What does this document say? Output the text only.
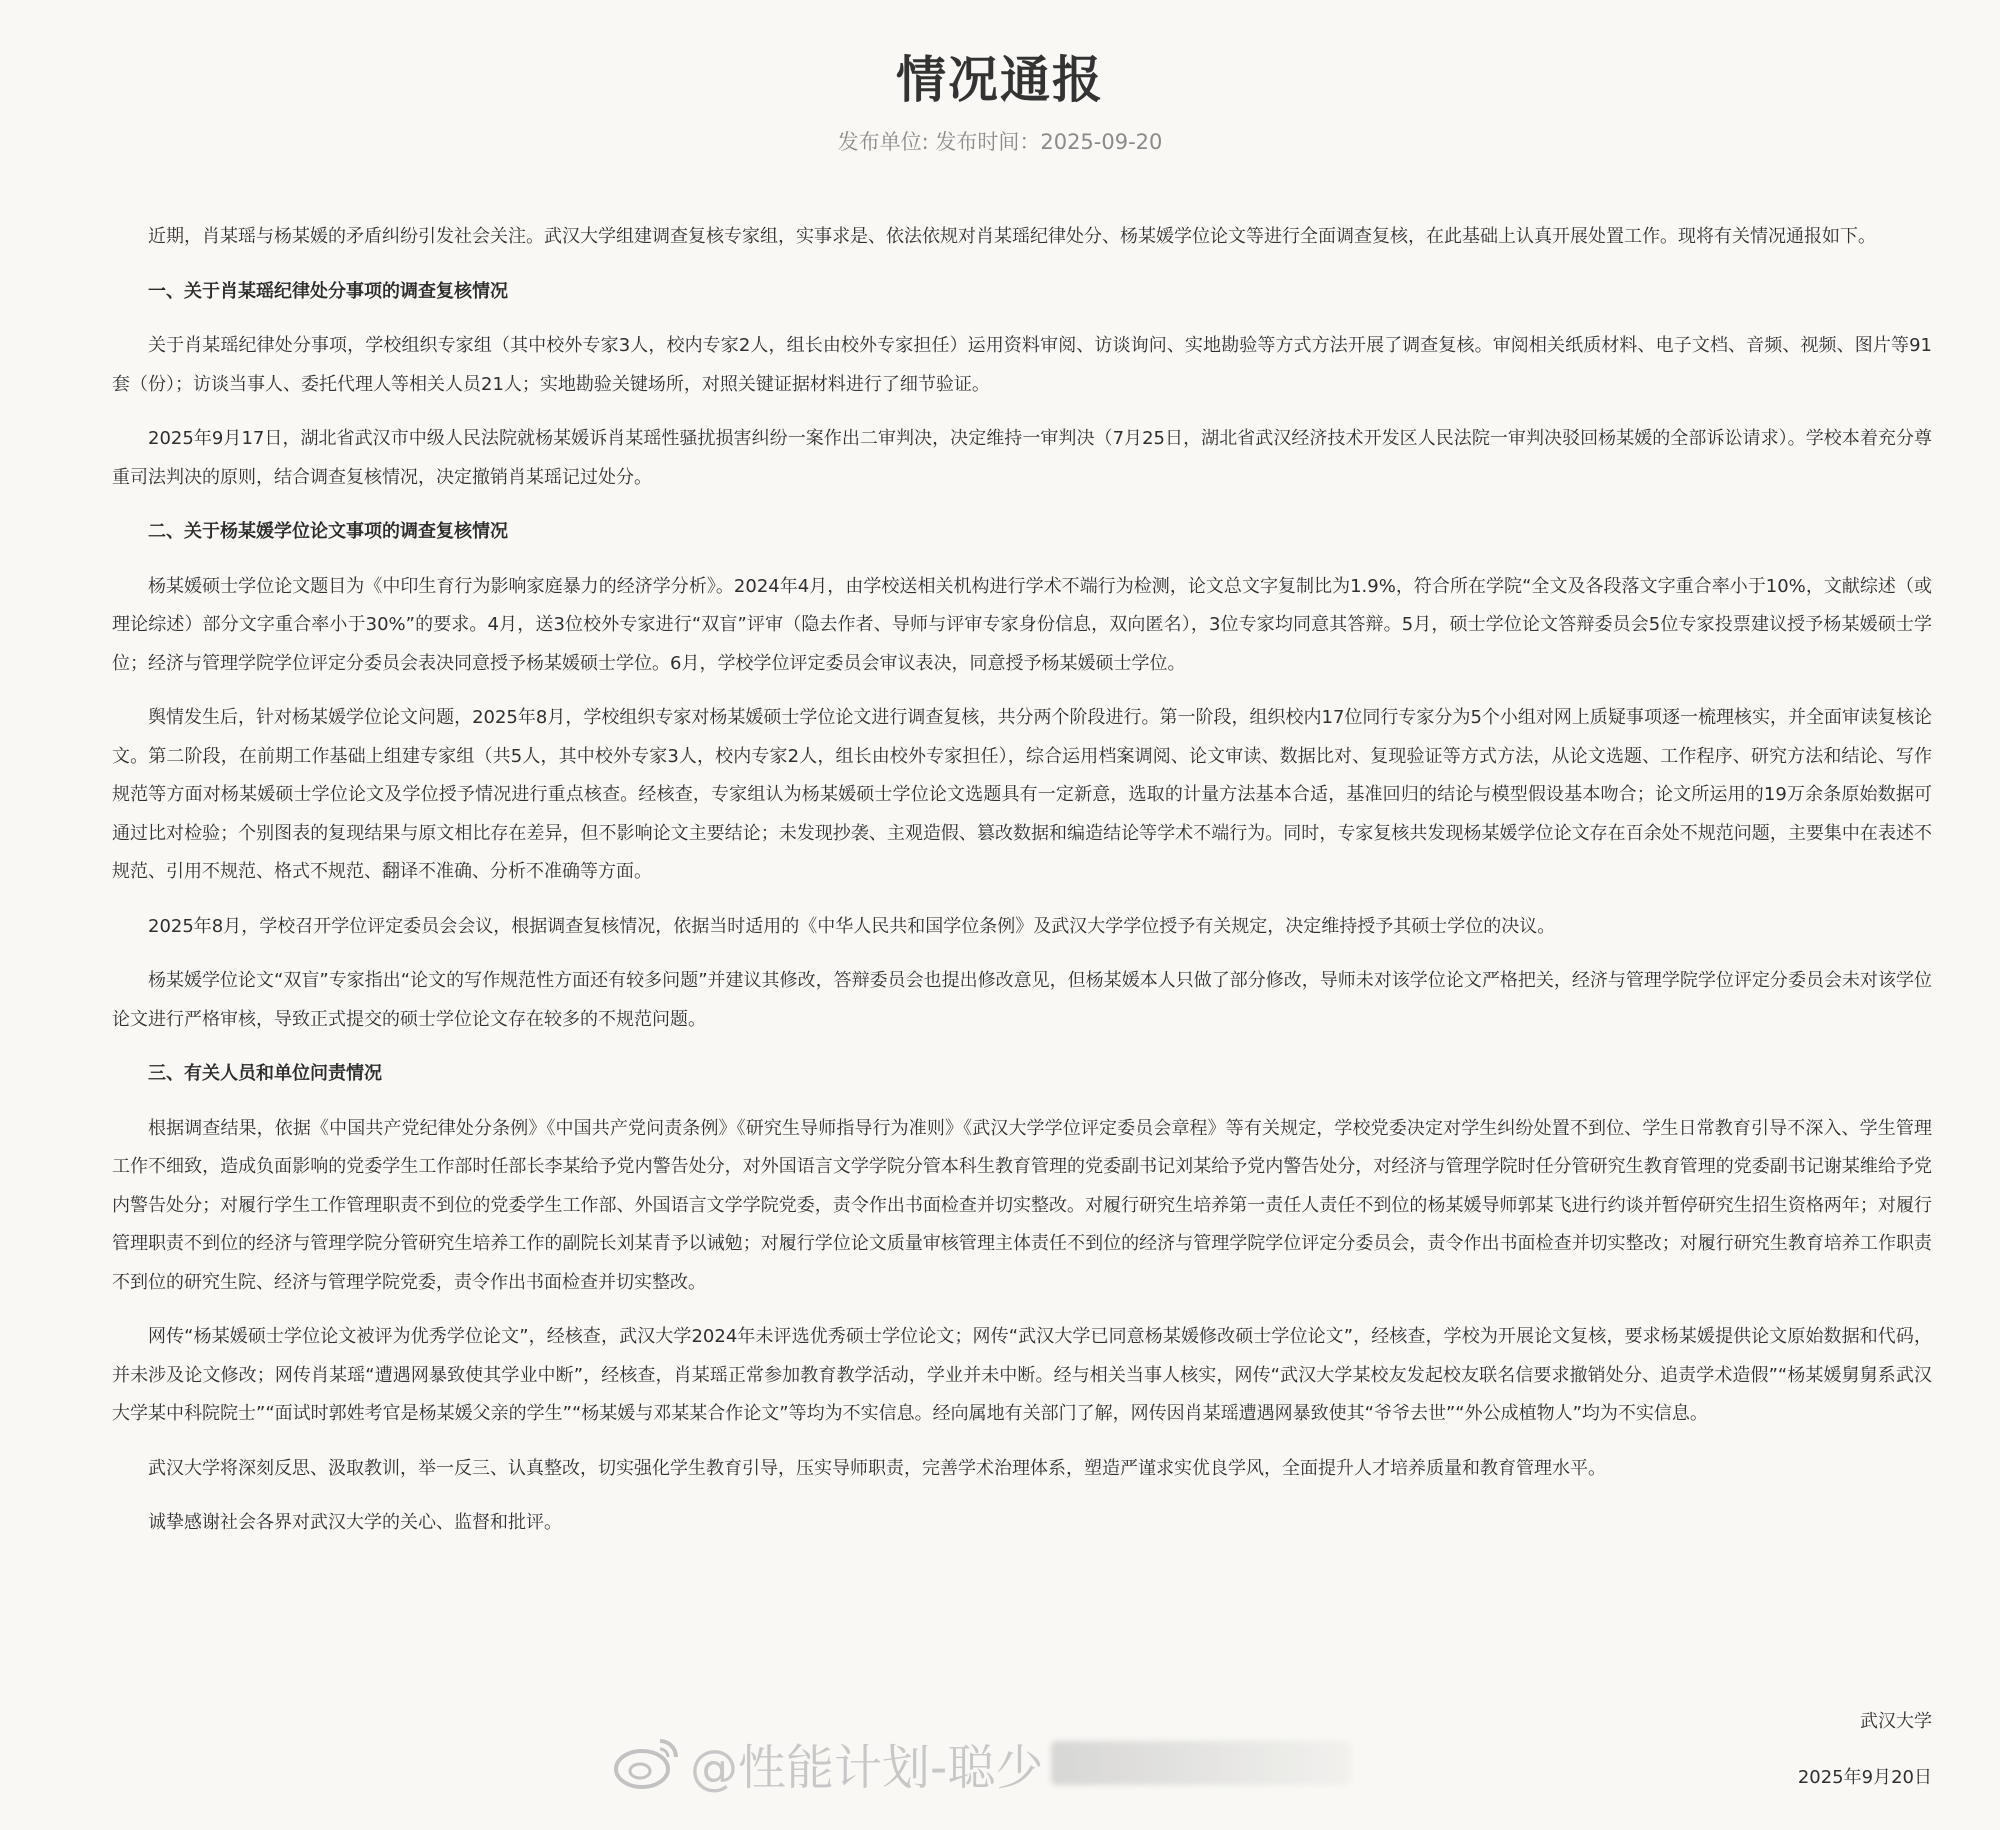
情况通报
发布单位: 发布时间：2025-09-20

近期，肖某瑶与杨某媛的矛盾纠纷引发社会关注。武汉大学组建调查复核专家组，实事求是、依法依规对肖某瑶纪律处分、杨某媛学位论文等进行全面调查复核，在此基础上认真开展处置工作。现将有关情况通报如下。

一、关于肖某瑶纪律处分事项的调查复核情况

关于肖某瑶纪律处分事项，学校组织专家组（其中校外专家3人，校内专家2人，组长由校外专家担任）运用资料审阅、访谈询问、实地勘验等方式方法开展了调查复核。审阅相关纸质材料、电子文档、音频、视频、图片等91套（份）；访谈当事人、委托代理人等相关人员21人；实地勘验关键场所，对照关键证据材料进行了细节验证。

2025年9月17日，湖北省武汉市中级人民法院就杨某媛诉肖某瑶性骚扰损害纠纷一案作出二审判决，决定维持一审判决（7月25日，湖北省武汉经济技术开发区人民法院一审判决驳回杨某媛的全部诉讼请求）。学校本着充分尊重司法判决的原则，结合调查复核情况，决定撤销肖某瑶记过处分。

二、关于杨某媛学位论文事项的调查复核情况

杨某媛硕士学位论文题目为《中印生育行为影响家庭暴力的经济学分析》。2024年4月，由学校送相关机构进行学术不端行为检测，论文总文字复制比为1.9%，符合所在学院“全文及各段落文字重合率小于10%，文献综述（或理论综述）部分文字重合率小于30%”的要求。4月，送3位校外专家进行“双盲”评审（隐去作者、导师与评审专家身份信息，双向匿名），3位专家均同意其答辩。5月，硕士学位论文答辩委员会5位专家投票建议授予杨某媛硕士学位；经济与管理学院学位评定分委员会表决同意授予杨某媛硕士学位。6月，学校学位评定委员会审议表决，同意授予杨某媛硕士学位。

舆情发生后，针对杨某媛学位论文问题，2025年8月，学校组织专家对杨某媛硕士学位论文进行调查复核，共分两个阶段进行。第一阶段，组织校内17位同行专家分为5个小组对网上质疑事项逐一梳理核实，并全面审读复核论文。第二阶段，在前期工作基础上组建专家组（共5人，其中校外专家3人，校内专家2人，组长由校外专家担任），综合运用档案调阅、论文审读、数据比对、复现验证等方式方法，从论文选题、工作程序、研究方法和结论、写作规范等方面对杨某媛硕士学位论文及学位授予情况进行重点核查。经核查，专家组认为杨某媛硕士学位论文选题具有一定新意，选取的计量方法基本合适，基准回归的结论与模型假设基本吻合；论文所运用的19万余条原始数据可通过比对检验；个别图表的复现结果与原文相比存在差异，但不影响论文主要结论；未发现抄袭、主观造假、篡改数据和编造结论等学术不端行为。同时，专家复核共发现杨某媛学位论文存在百余处不规范问题，主要集中在表述不规范、引用不规范、格式不规范、翻译不准确、分析不准确等方面。

2025年8月，学校召开学位评定委员会会议，根据调查复核情况，依据当时适用的《中华人民共和国学位条例》及武汉大学学位授予有关规定，决定维持授予其硕士学位的决议。

杨某媛学位论文“双盲”专家指出“论文的写作规范性方面还有较多问题”并建议其修改，答辩委员会也提出修改意见，但杨某媛本人只做了部分修改，导师未对该学位论文严格把关，经济与管理学院学位评定分委员会未对该学位论文进行严格审核，导致正式提交的硕士学位论文存在较多的不规范问题。

三、有关人员和单位问责情况

根据调查结果，依据《中国共产党纪律处分条例》《中国共产党问责条例》《研究生导师指导行为准则》《武汉大学学位评定委员会章程》等有关规定，学校党委决定对学生纠纷处置不到位、学生日常教育引导不深入、学生管理工作不细致，造成负面影响的党委学生工作部时任部长李某给予党内警告处分，对外国语言文学学院分管本科生教育管理的党委副书记刘某给予党内警告处分，对经济与管理学院时任分管研究生教育管理的党委副书记谢某维给予党内警告处分；对履行学生工作管理职责不到位的党委学生工作部、外国语言文学学院党委，责令作出书面检查并切实整改。对履行研究生培养第一责任人责任不到位的杨某媛导师郭某飞进行约谈并暂停研究生招生资格两年；对履行管理职责不到位的经济与管理学院分管研究生培养工作的副院长刘某青予以诫勉；对履行学位论文质量审核管理主体责任不到位的经济与管理学院学位评定分委员会，责令作出书面检查并切实整改；对履行研究生教育培养工作职责不到位的研究生院、经济与管理学院党委，责令作出书面检查并切实整改。

网传“杨某媛硕士学位论文被评为优秀学位论文”，经核查，武汉大学2024年未评选优秀硕士学位论文；网传“武汉大学已同意杨某媛修改硕士学位论文”，经核查，学校为开展论文复核，要求杨某媛提供论文原始数据和代码，并未涉及论文修改；网传肖某瑶“遭遇网暴致使其学业中断”，经核查，肖某瑶正常参加教育教学活动，学业并未中断。经与相关当事人核实，网传“武汉大学某校友发起校友联名信要求撤销处分、追责学术造假”“杨某媛舅舅系武汉大学某中科院院士”“面试时郭姓考官是杨某媛父亲的学生”“杨某媛与邓某某合作论文”等均为不实信息。经向属地有关部门了解，网传因肖某瑶遭遇网暴致使其“爷爷去世”“外公成植物人”均为不实信息。

武汉大学将深刻反思、汲取教训，举一反三、认真整改，切实强化学生教育引导，压实导师职责，完善学术治理体系，塑造严谨求实优良学风，全面提升人才培养质量和教育管理水平。

诚挚感谢社会各界对武汉大学的关心、监督和批评。

武汉大学
2025年9月20日
@性能计划-聪少
